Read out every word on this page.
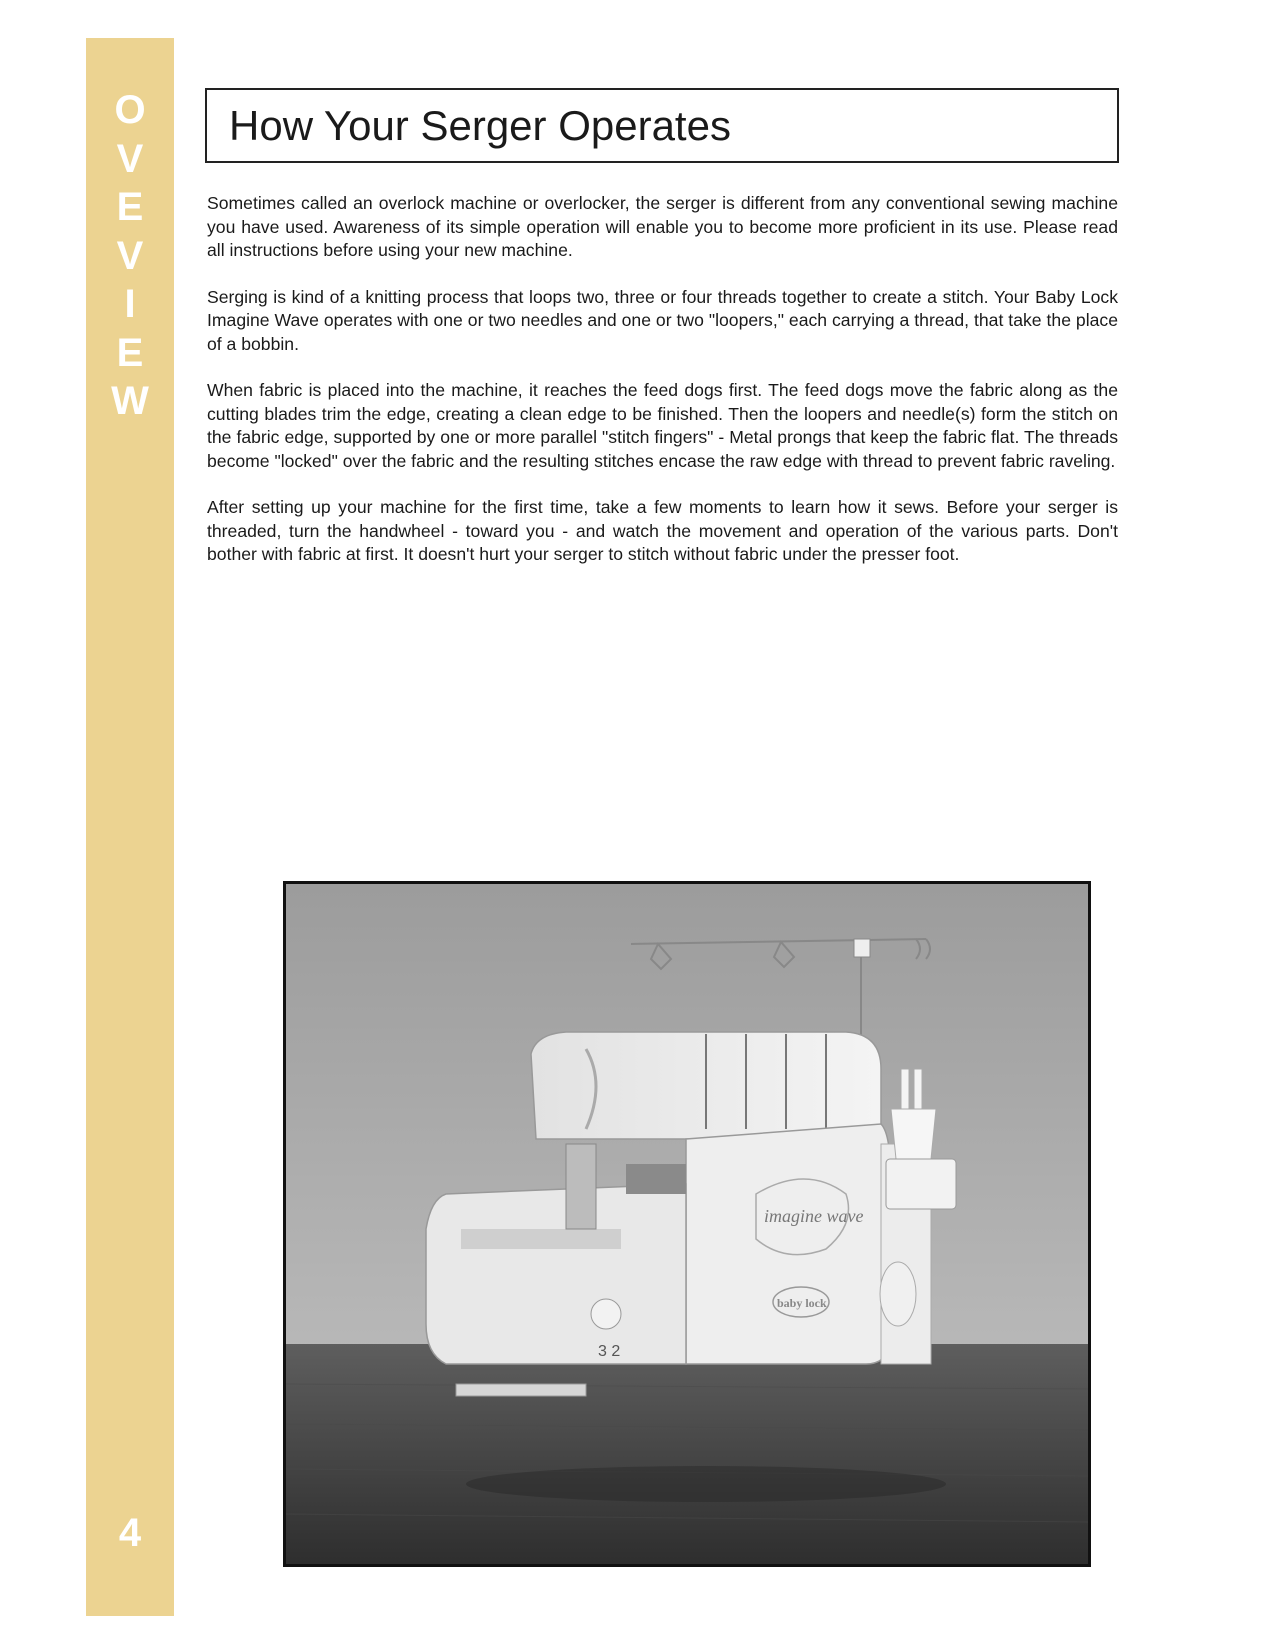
O
V
E
V
I
E
W
4
How Your Serger Operates

Sometimes called an overlock machine or overlocker, the serger is different from any conventional sewing machine you have used. Awareness of its simple operation will enable you to become more proficient in its use. Please read all instructions before using your new machine.

Serging is kind of a knitting process that loops two, three or four threads together to create a stitch. Your Baby Lock Imagine Wave operates with one or two needles and one or two "loopers," each carrying a thread, that take the place of a bobbin.

When fabric is placed into the machine, it reaches the feed dogs first. The feed dogs move the fabric along as the cutting blades trim the edge, creating a clean edge to be finished. Then the loopers and needle(s) form the stitch on the fabric edge, supported by one or more parallel "stitch fingers" - Metal prongs that keep the fabric flat. The threads become "locked" over the fabric and the resulting stitches encase the raw edge with thread to prevent fabric raveling.

After setting up your machine for the first time, take a few moments to learn how it sews. Before your serger is threaded, turn the handwheel - toward you - and watch the movement and operation of the various parts. Don't bother with fabric at first. It doesn't hurt your serger to stitch without fabric under the presser foot.

imagine wave
baby lock
3 2
